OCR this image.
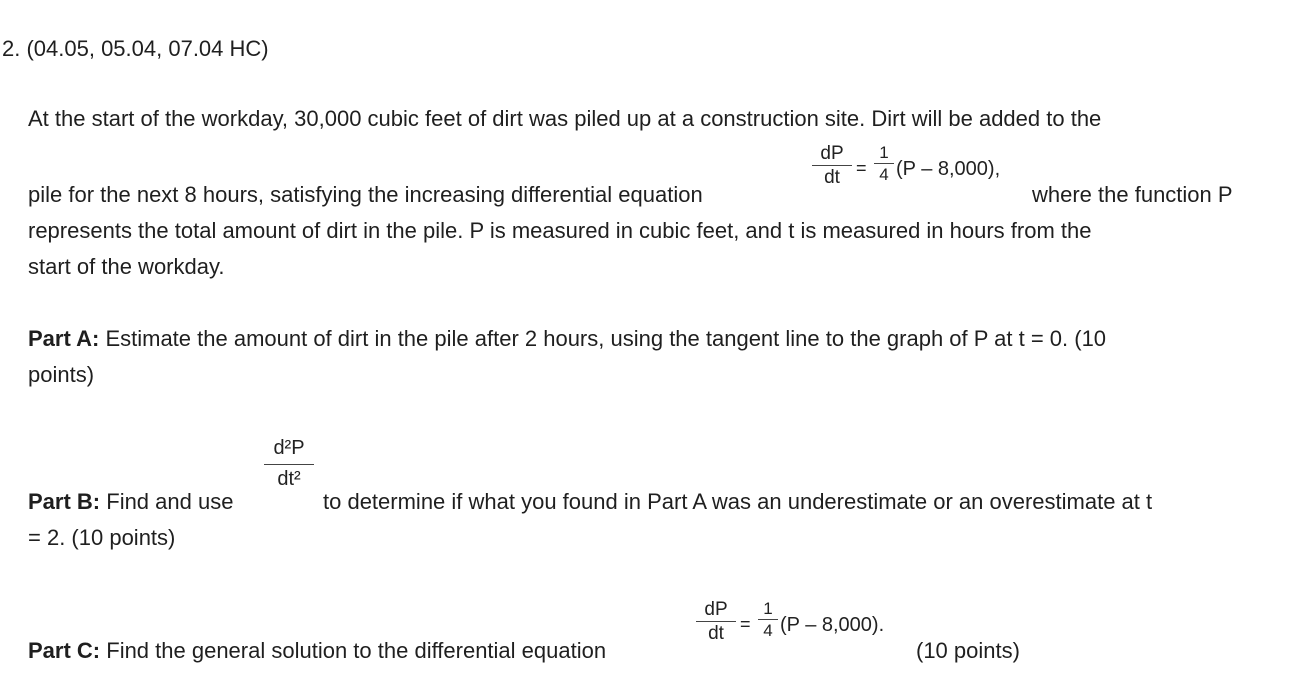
2. (04.05, 05.04, 07.04 HC)
At the start of the workday, 30,000 cubic feet of dirt was piled up at a construction site. Dirt will be added to the
dP
dt =
1
4 (P – 8,000),
pile for the next 8 hours, satisfying the increasing differential equation	where the function P
represents the total amount of dirt in the pile. P is measured in cubic feet, and t is measured in hours from the
start of the workday.
Part A: Estimate the amount of dirt in the pile after 2 hours, using the tangent line to the graph of P at t = 0. (10
points)
d²P
dt²
Part B: Find and use	to determine if what you found in Part A was an underestimate or an overestimate at t
= 2. (10 points)
dP
dt =
1
4 (P – 8,000).
Part C: Find the general solution to the differential equation	(10 points)
